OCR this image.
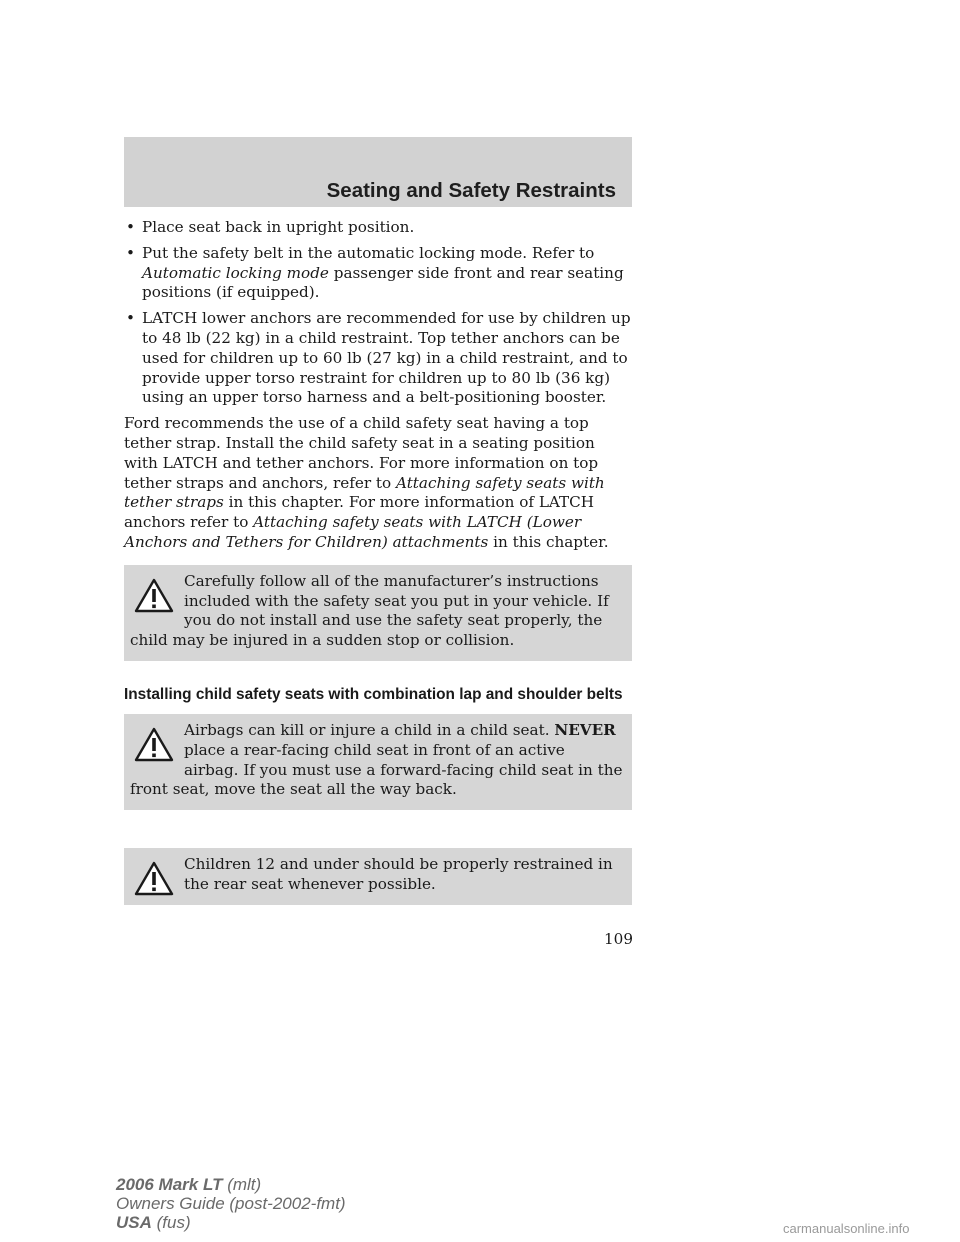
Seating and Safety Restraints
• Place seat back in upright position.
• Put the safety belt in the automatic locking mode. Refer to Automatic locking mode passenger side front and rear seating positions (if equipped).
• LATCH lower anchors are recommended for use by children up to 48 lb (22 kg) in a child restraint. Top tether anchors can be used for children up to 60 lb (27 kg) in a child restraint, and to provide upper torso restraint for children up to 80 lb (36 kg) using an upper torso harness and a belt-positioning booster.

Ford recommends the use of a child safety seat having a top tether strap. Install the child safety seat in a seating position with LATCH and tether anchors. For more information on top tether straps and anchors, refer to Attaching safety seats with tether straps in this chapter. For more information of LATCH anchors refer to Attaching safety seats with LATCH (Lower Anchors and Tethers for Children) attachments in this chapter.

Carefully follow all of the manufacturer’s instructions included with the safety seat you put in your vehicle. If you do not install and use the safety seat properly, the child may be injured in a sudden stop or collision.
Installing child safety seats with combination lap and shoulder belts
Airbags can kill or injure a child in a child seat. NEVER place a rear-facing child seat in front of an active airbag. If you must use a forward-facing child seat in the front seat, move the seat all the way back.
Children 12 and under should be properly restrained in the rear seat whenever possible.
109
2006 Mark LT (mlt)
Owners Guide (post-2002-fmt)
USA (fus)	carmanualsonline.info
